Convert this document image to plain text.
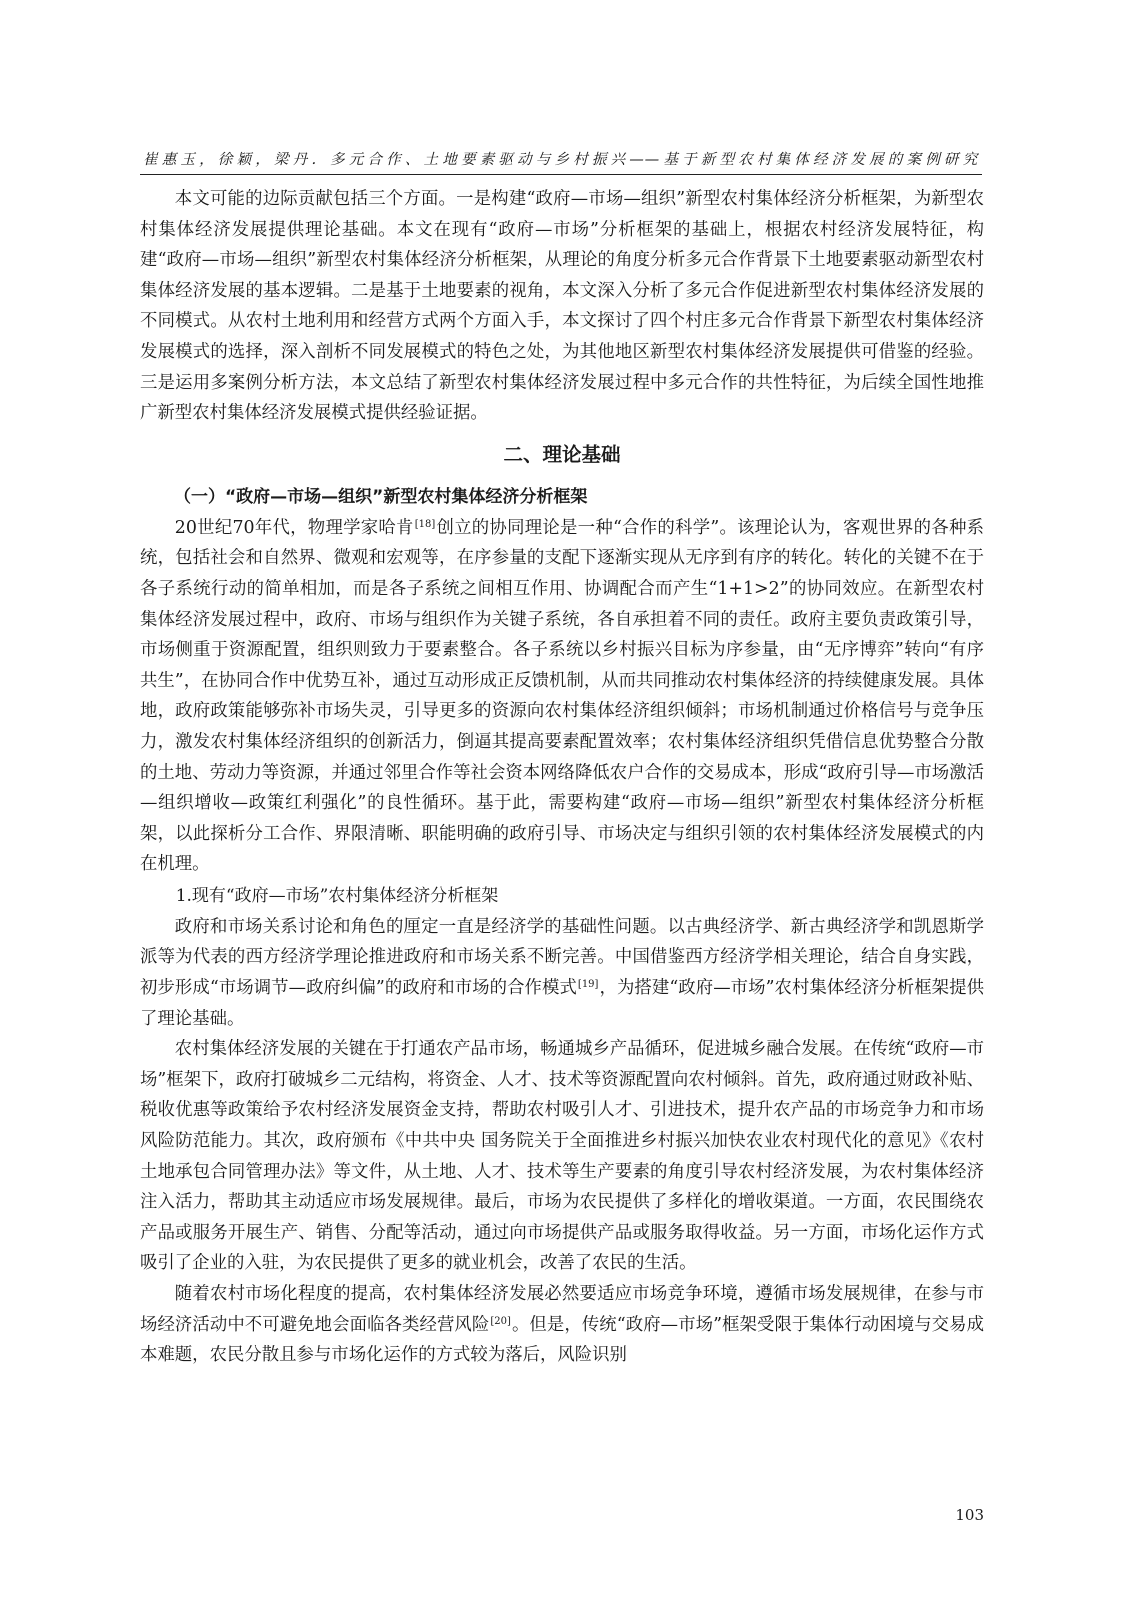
崔惠玉，徐颖，梁丹．多元合作、土地要素驱动与乡村振兴——基于新型农村集体经济发展的案例研究

本文可能的边际贡献包括三个方面。一是构建“政府—市场—组织”新型农村集体经济分析框架，为新型农村集体经济发展提供理论基础。本文在现有“政府—市场”分析框架的基础上，根据农村经济发展特征，构建“政府—市场—组织”新型农村集体经济分析框架，从理论的角度分析多元合作背景下土地要素驱动新型农村集体经济发展的基本逻辑。二是基于土地要素的视角，本文深入分析了多元合作促进新型农村集体经济发展的不同模式。从农村土地利用和经营方式两个方面入手，本文探讨了四个村庄多元合作背景下新型农村集体经济发展模式的选择，深入剖析不同发展模式的特色之处，为其他地区新型农村集体经济发展提供可借鉴的经验。三是运用多案例分析方法，本文总结了新型农村集体经济发展过程中多元合作的共性特征，为后续全国性地推广新型农村集体经济发展模式提供经验证据。

二、理论基础
（一）“政府—市场—组织”新型农村集体经济分析框架

20世纪70年代，物理学家哈肯[18]创立的协同理论是一种“合作的科学”。该理论认为，客观世界的各种系统，包括社会和自然界、微观和宏观等，在序参量的支配下逐渐实现从无序到有序的转化。转化的关键不在于各子系统行动的简单相加，而是各子系统之间相互作用、协调配合而产生“1+1>2”的协同效应。在新型农村集体经济发展过程中，政府、市场与组织作为关键子系统，各自承担着不同的责任。政府主要负责政策引导，市场侧重于资源配置，组织则致力于要素整合。各子系统以乡村振兴目标为序参量，由“无序博弈”转向“有序共生”，在协同合作中优势互补，通过互动形成正反馈机制，从而共同推动农村集体经济的持续健康发展。具体地，政府政策能够弥补市场失灵，引导更多的资源向农村集体经济组织倾斜；市场机制通过价格信号与竞争压力，激发农村集体经济组织的创新活力，倒逼其提高要素配置效率；农村集体经济组织凭借信息优势整合分散的土地、劳动力等资源，并通过邻里合作等社会资本网络降低农户合作的交易成本，形成“政府引导—市场激活—组织增收—政策红利强化”的良性循环。基于此，需要构建“政府—市场—组织”新型农村集体经济分析框架，以此探析分工合作、界限清晰、职能明确的政府引导、市场决定与组织引领的农村集体经济发展模式的内在机理。

1.现有“政府—市场”农村集体经济分析框架

政府和市场关系讨论和角色的厘定一直是经济学的基础性问题。以古典经济学、新古典经济学和凯恩斯学派等为代表的西方经济学理论推进政府和市场关系不断完善。中国借鉴西方经济学相关理论，结合自身实践，初步形成“市场调节—政府纠偏”的政府和市场的合作模式[19]，为搭建“政府—市场”农村集体经济分析框架提供了理论基础。

农村集体经济发展的关键在于打通农产品市场，畅通城乡产品循环，促进城乡融合发展。在传统“政府—市场”框架下，政府打破城乡二元结构，将资金、人才、技术等资源配置向农村倾斜。首先，政府通过财政补贴、税收优惠等政策给予农村经济发展资金支持，帮助农村吸引人才、引进技术，提升农产品的市场竞争力和市场风险防范能力。其次，政府颁布《中共中央 国务院关于全面推进乡村振兴加快农业农村现代化的意见》《农村土地承包合同管理办法》等文件，从土地、人才、技术等生产要素的角度引导农村经济发展，为农村集体经济注入活力，帮助其主动适应市场发展规律。最后，市场为农民提供了多样化的增收渠道。一方面，农民围绕农产品或服务开展生产、销售、分配等活动，通过向市场提供产品或服务取得收益。另一方面，市场化运作方式吸引了企业的入驻，为农民提供了更多的就业机会，改善了农民的生活。

随着农村市场化程度的提高，农村集体经济发展必然要适应市场竞争环境，遵循市场发展规律，在参与市场经济活动中不可避免地会面临各类经营风险[20]。但是，传统“政府—市场”框架受限于集体行动困境与交易成本难题，农民分散且参与市场化运作的方式较为落后，风险识别

103
